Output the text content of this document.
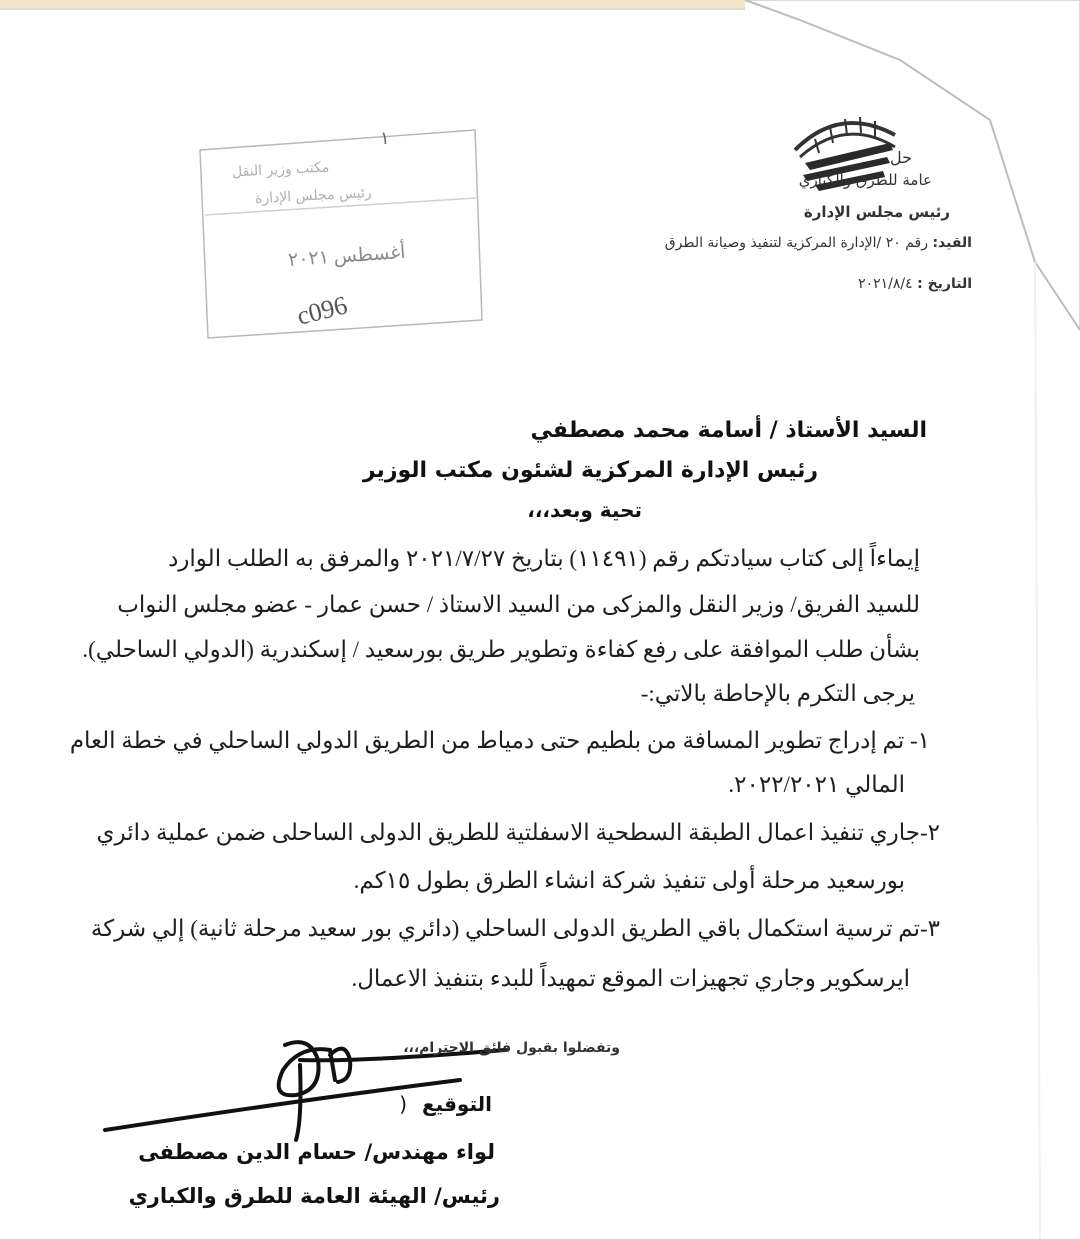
حل
عامة للطرق والكباري
رئيس مجلس الإدارة
القيد: رقم ٢٠ /الإدارة المركزية لتنفيذ وصيانة الطرق
التاريخ : ٢٠٢١/٨/٤
١
مكتب وزير النقل
رئيس مجلس الإدارة
أغسطس ٢٠٢١
c096
السيد الأستاذ / أسامة محمد مصطفي
رئيس الإدارة المركزية لشئون مكتب الوزير
تحية وبعد،،،
إيماءاً إلى كتاب سيادتكم رقم (١١٤٩١) بتاريخ ٢٠٢١/٧/٢٧ والمرفق به الطلب الوارد
للسيد الفريق/ وزير النقل والمزكى من السيد الاستاذ / حسن عمار - عضو مجلس النواب
بشأن طلب الموافقة على رفع كفاءة وتطوير طريق بورسعيد / إسكندرية (الدولي الساحلي).
يرجى التكرم بالإحاطة بالاتي:-
١- تم إدراج تطوير المسافة من بلطيم حتى دمياط من الطريق الدولي الساحلي في خطة العام
المالي ٢٠٢٢/٢٠٢١.
٢-جاري تنفيذ اعمال الطبقة السطحية الاسفلتية للطريق الدولى الساحلى ضمن عملية دائري
بورسعيد مرحلة أولى تنفيذ شركة انشاء الطرق بطول ١٥كم.
٣-تم ترسية استكمال باقي الطريق الدولى الساحلي (دائري بور سعيد مرحلة ثانية) إلي شركة
ايرسكوير وجاري تجهيزات الموقع تمهيداً للبدء بتنفيذ الاعمال.
وتفضلوا بقبول فائق الاحترام،،،
التوقيع (
لواء مهندس/ حسام الدين مصطفى
رئيس/ الهيئة العامة للطرق والكباري
